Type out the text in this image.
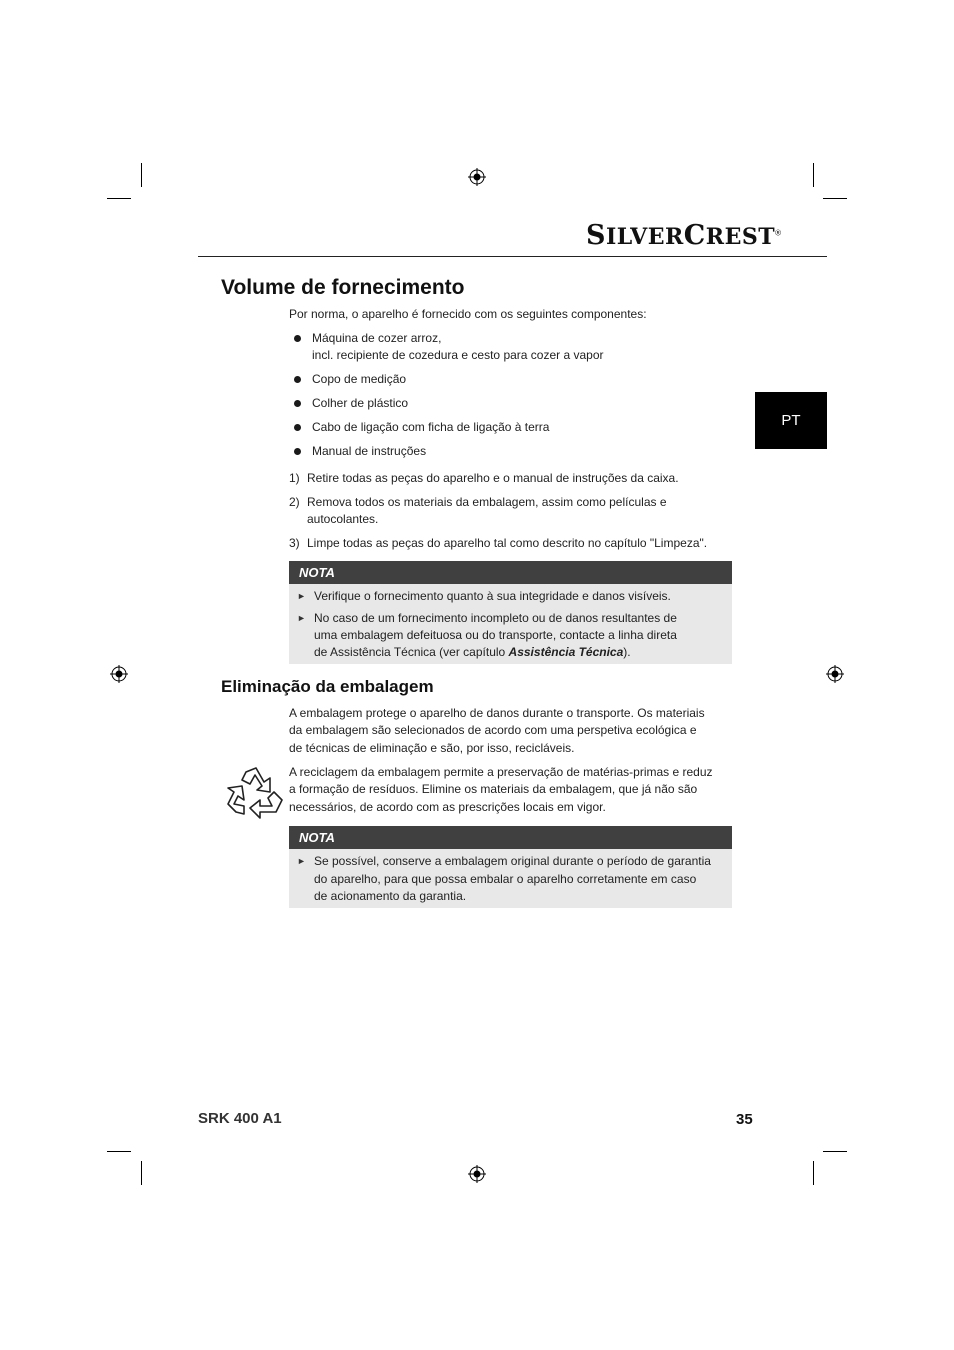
SILVERCREST®
PT
Volume de fornecimento
Por norma, o aparelho é fornecido com os seguintes componentes:
Máquina de cozer arroz,
incl. recipiente de cozedura e cesto para cozer a vapor
Copo de medição
Colher de plástico
Cabo de ligação com ficha de ligação à terra
Manual de instruções
1) Retire todas as peças do aparelho e o manual de instruções da caixa.
2) Remova todos os materiais da embalagem, assim como películas e
autocolantes.
3) Limpe todas as peças do aparelho tal como descrito no capítulo "Limpeza".
NOTA
► Verifique o fornecimento quanto à sua integridade e danos visíveis.
► No caso de um fornecimento incompleto ou de danos resultantes de
uma embalagem defeituosa ou do transporte, contacte a linha direta
de Assistência Técnica (ver capítulo Assistência Técnica).
Eliminação da embalagem
A embalagem protege o aparelho de danos durante o transporte. Os materiais
da embalagem são selecionados de acordo com uma perspetiva ecológica e
de técnicas de eliminação e são, por isso, recicláveis.
A reciclagem da embalagem permite a preservação de matérias-primas e reduz
a formação de resíduos. Elimine os materiais da embalagem, que já não são
necessários, de acordo com as prescrições locais em vigor.
NOTA
► Se possível, conserve a embalagem original durante o período de garantia
do aparelho, para que possa embalar o aparelho corretamente em caso
de acionamento da garantia.
SRK 400 A1	35
